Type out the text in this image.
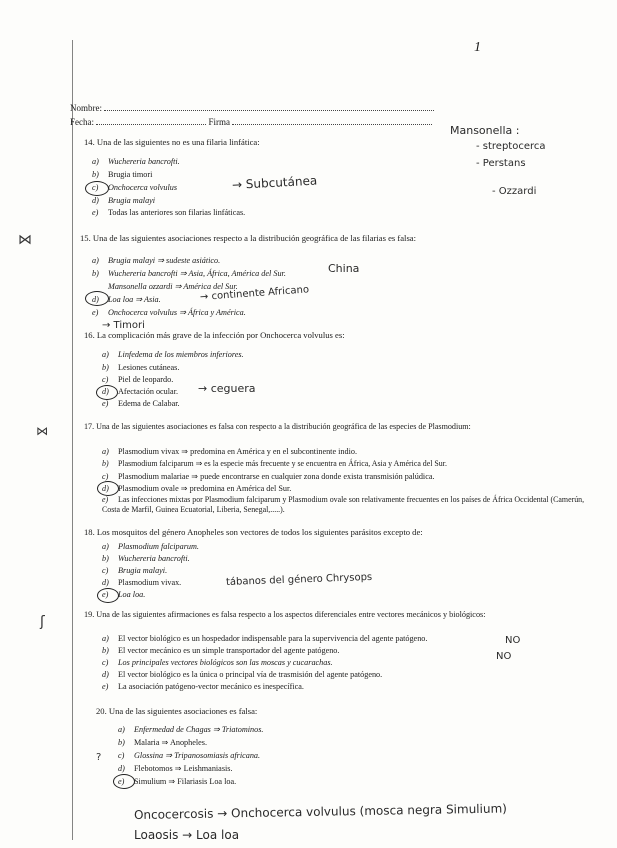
1
Nombre:
Fecha:	Firma
14. Una de las siguientes no es una filaria linfática:
a) Wuchereria bancrofti.
b) Brugia timori
c) Onchocerca volvulus
d) Brugia malayi
e) Todas las anteriores son filarias linfáticas.
→ Subcutánea
Mansonella :
- streptocerca
- Perstans
- Ozzardi
15. Una de las siguientes asociaciones respecto a la distribución geográfica de las filarias es falsa:
a) Brugia malayi ⇒ sudeste asiático.
b) Wuchereria bancrofti ⇒ Asia, África, América del Sur.
Mansonella ozzardi ⇒ América del Sur.
d) Loa loa ⇒ Asia.
e) Onchocerca volvulus ⇒ África y América.
China
→ continente Africano
→ Timori
16. La complicación más grave de la infección por Onchocerca volvulus es:
a) Linfedema de los miembros inferiores.
b) Lesiones cutáneas.
c) Piel de leopardo.
d) Afectación ocular.
e) Edema de Calabar.
→ ceguera
17. Una de las siguientes asociaciones es falsa con respecto a la distribución geográfica de las especies de Plasmodium:
a) Plasmodium vivax ⇒ predomina en América y en el subcontinente indio.
b) Plasmodium falciparum ⇒ es la especie más frecuente y se encuentra en África, Asia y América del Sur.
c) Plasmodium malariae ⇒ puede encontrarse en cualquier zona donde exista transmisión palúdica.
d) Plasmodium ovale ⇒ predomina en América del Sur.
e) Las infecciones mixtas por Plasmodium falciparum y Plasmodium ovale son relativamente frecuentes en los países de África Occidental (Camerún, Costa de Marfil, Guinea Ecuatorial, Liberia, Senegal,.....).
18. Los mosquitos del género Anopheles son vectores de todos los siguientes parásitos excepto de:
a) Plasmodium falciparum.
b) Wuchereria bancrofti.
c) Brugia malayi.
d) Plasmodium vivax.
e) Loa loa.
tábanos del género Chrysops
19. Una de las siguientes afirmaciones es falsa respecto a los aspectos diferenciales entre vectores mecánicos y biológicos:
a) El vector biológico es un hospedador indispensable para la supervivencia del agente patógeno.
b) El vector mecánico es un simple transportador del agente patógeno.
c) Los principales vectores biológicos son las moscas y cucarachas.
d) El vector biológico es la única o principal vía de trasmisión del agente patógeno.
e) La asociación patógeno-vector mecánico es inespecífica.
NO
NO
20. Una de las siguientes asociaciones es falsa:
a) Enfermedad de Chagas ⇒ Triatominos.
b) Malaria ⇒ Anopheles.
c) Glossina ⇒ Tripanosomiasis africana.
d) Flebotomos ⇒ Leishmaniasis.
e) Simulium ⇒ Filariasis Loa loa.
Oncocercosis → Onchocerca volvulus (mosca negra Simulium)
Loaosis → Loa loa
⋈
⋈
ʃ
?
